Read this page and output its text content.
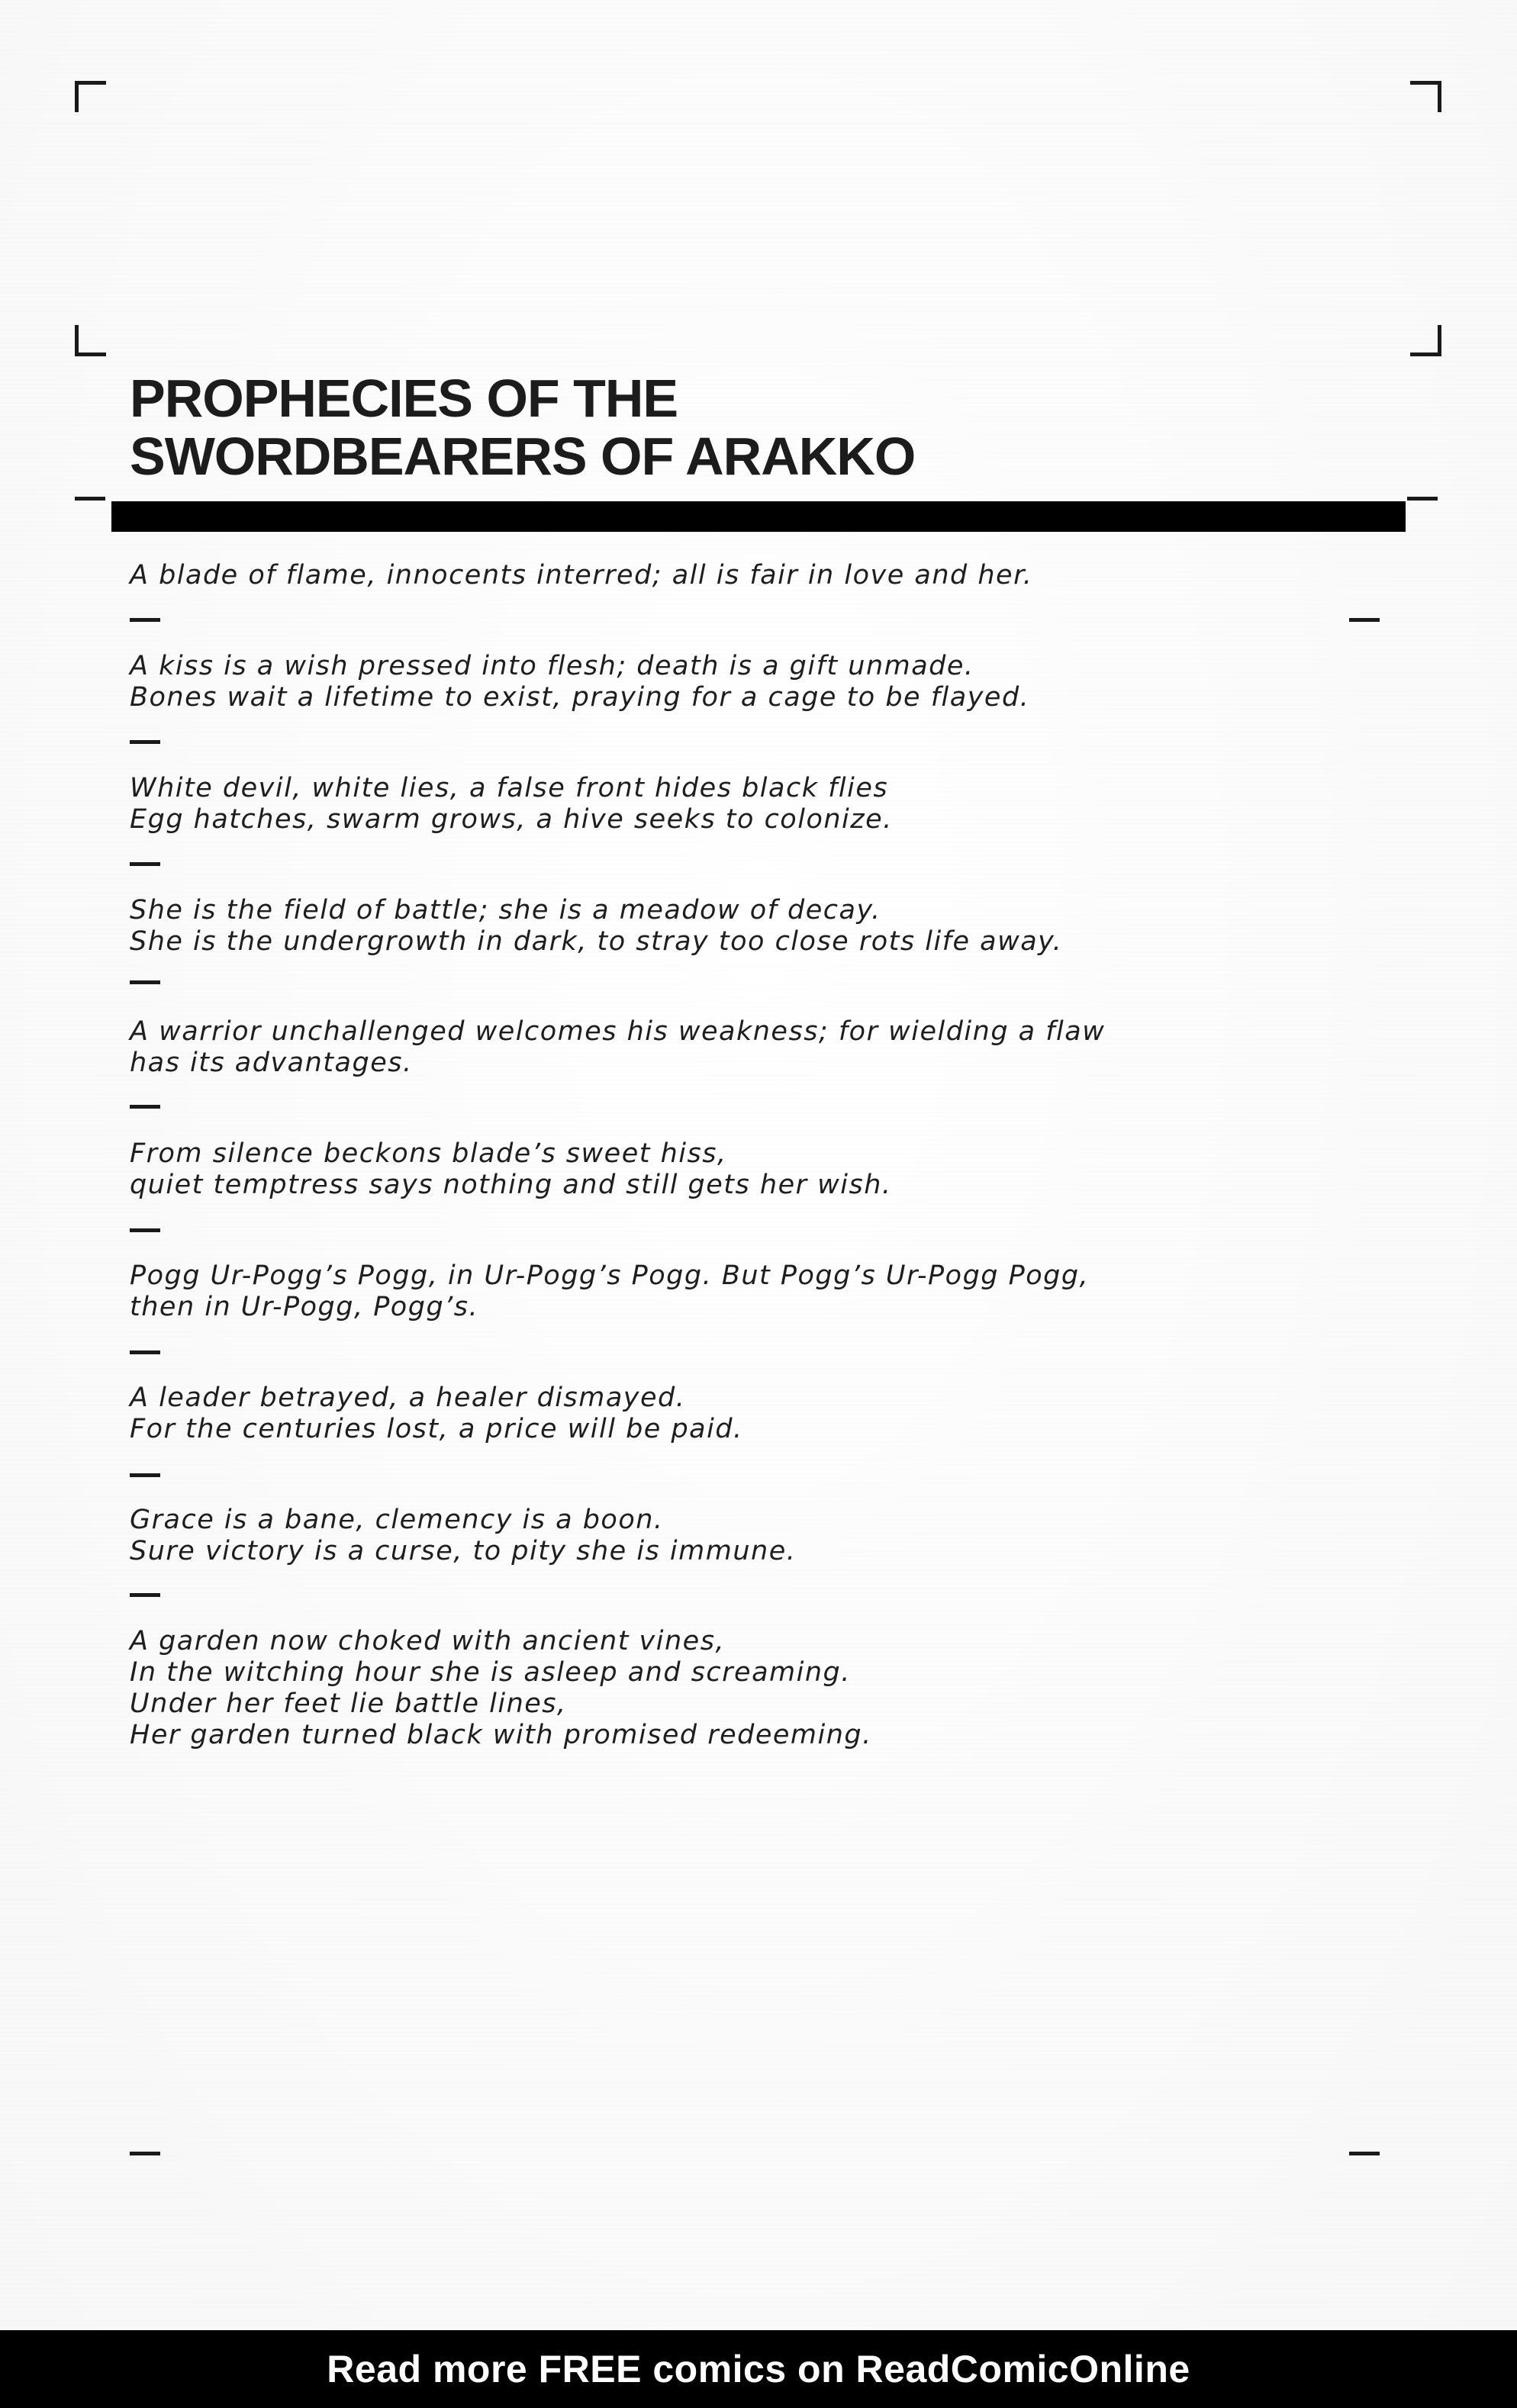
PROPHECIES OF THE
SWORDBEARERS OF ARAKKO

A blade of flame, innocents interred; all is fair in love and her.

A kiss is a wish pressed into flesh; death is a gift unmade.
Bones wait a lifetime to exist, praying for a cage to be flayed.

White devil, white lies, a false front hides black flies
Egg hatches, swarm grows, a hive seeks to colonize.

She is the field of battle; she is a meadow of decay.
She is the undergrowth in dark, to stray too close rots life away.

A warrior unchallenged welcomes his weakness; for wielding a flaw
has its advantages.

From silence beckons blade’s sweet hiss,
quiet temptress says nothing and still gets her wish.

Pogg Ur-Pogg’s Pogg, in Ur-Pogg’s Pogg. But Pogg’s Ur-Pogg Pogg,
then in Ur-Pogg, Pogg’s.

A leader betrayed, a healer dismayed.
For the centuries lost, a price will be paid.

Grace is a bane, clemency is a boon.
Sure victory is a curse, to pity she is immune.

A garden now choked with ancient vines,
In the witching hour she is asleep and screaming.
Under her feet lie battle lines,
Her garden turned black with promised redeeming.

Read more FREE comics on ReadComicOnline
